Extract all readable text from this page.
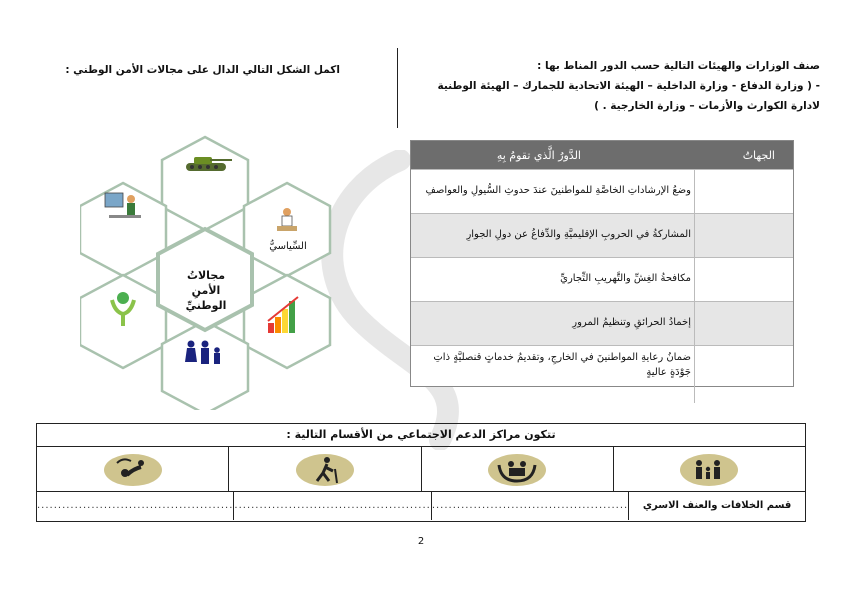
صنف الوزارات والهيئات التالية حسب الدور المناط بها :
- ( وزارة الدفاع - وزارة الداخلية – الهيئة الاتحادية للجمارك – الهيئة الوطنية
لادارة الكوارث والأزمات – وزارة الخارجية . )
اكمل الشكل التالي الدال على مجالات الأمن الوطني :
الجهاتُ
الدَّورُ الَّذي تقومُ بِهِ
وضعُ الإرشاداتِ الخاصَّةِ للمواطنينَ عندَ حدوثِ السُّيولِ والعواصفِ
المشاركةُ في الحروبِ الإقليميَّةِ والدِّفاعُ عن دولِ الجوارِ
مكافحةُ الغِشِّ والتَّهريبِ التِّجاريِّ
إخمادُ الحرائقِ وتنظيمُ المرورِ
ضمانُ رعايةِ المواطنينَ في الخارجِ، وتقديمُ خدماتٍ قنصليَّةٍ ذاتِ جَوْدَةٍ عاليةٍ
مجالاتُ
الأمنِ
الوطنيِّ
السِّياسيُّ
تتكون مراكز الدعم الاجتماعي من الأقسام التالية :
قسم الخلافات والعنف الاسري
...............................................
...............................................
...............................................
2
